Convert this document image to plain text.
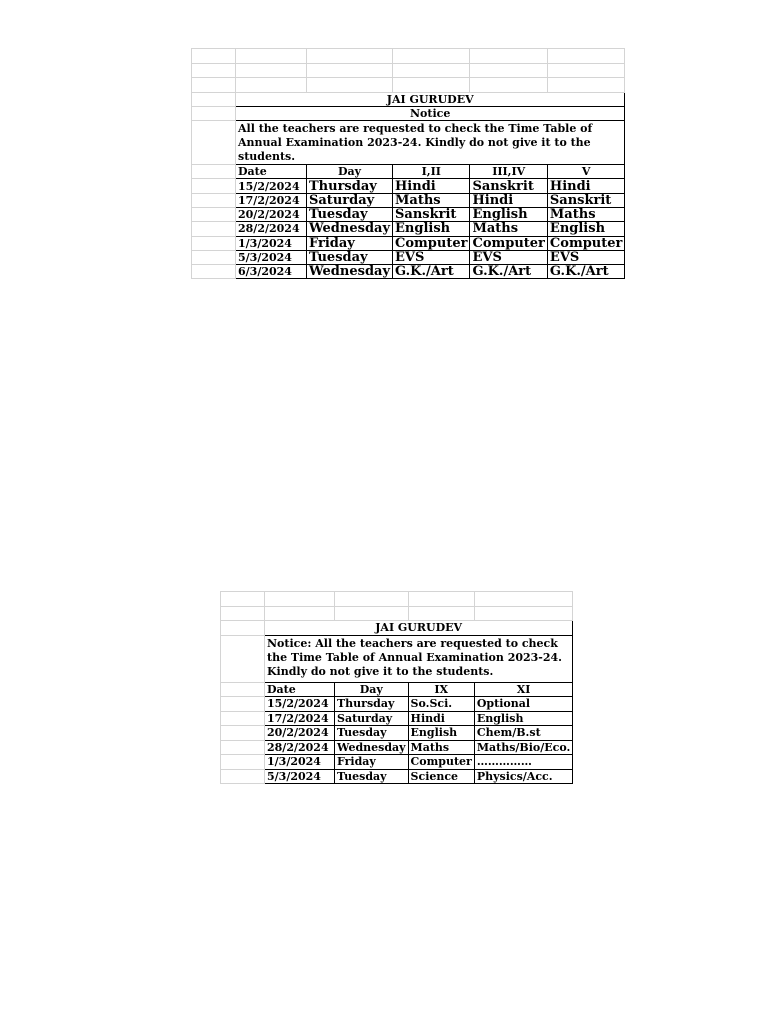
	JAI GURUDEV				
	Notice				
	All the teachers are requested to check the Time Table of Annual Examination 2023-24. Kindly do not give it to the students.				
	Date	Day	I,II	III,IV	V
	15/2/2024	Thursday	Hindi	Sanskrit	Hindi
	17/2/2024	Saturday	Maths	Hindi	Sanskrit
	20/2/2024	Tuesday	Sanskrit	English	Maths
	28/2/2024	Wednesday	English	Maths	English
	1/3/2024	Friday	Computer	Computer	Computer
	5/3/2024	Tuesday	EVS	EVS	EVS
	6/3/2024	Wednesday	G.K./Art	G.K./Art	G.K./Art

	JAI GURUDEV			
	Notice: All the teachers are requested to check the Time Table of Annual Examination 2023-24. Kindly do not give it to the students.			
	Date	Day	IX	XI
	15/2/2024	Thursday	So.Sci.	Optional
	17/2/2024	Saturday	Hindi	English
	20/2/2024	Tuesday	English	Chem/B.st
	28/2/2024	Wednesday	Maths	Maths/Bio/Eco.
	1/3/2024	Friday	Computer	……………
	5/3/2024	Tuesday	Science	Physics/Acc.
